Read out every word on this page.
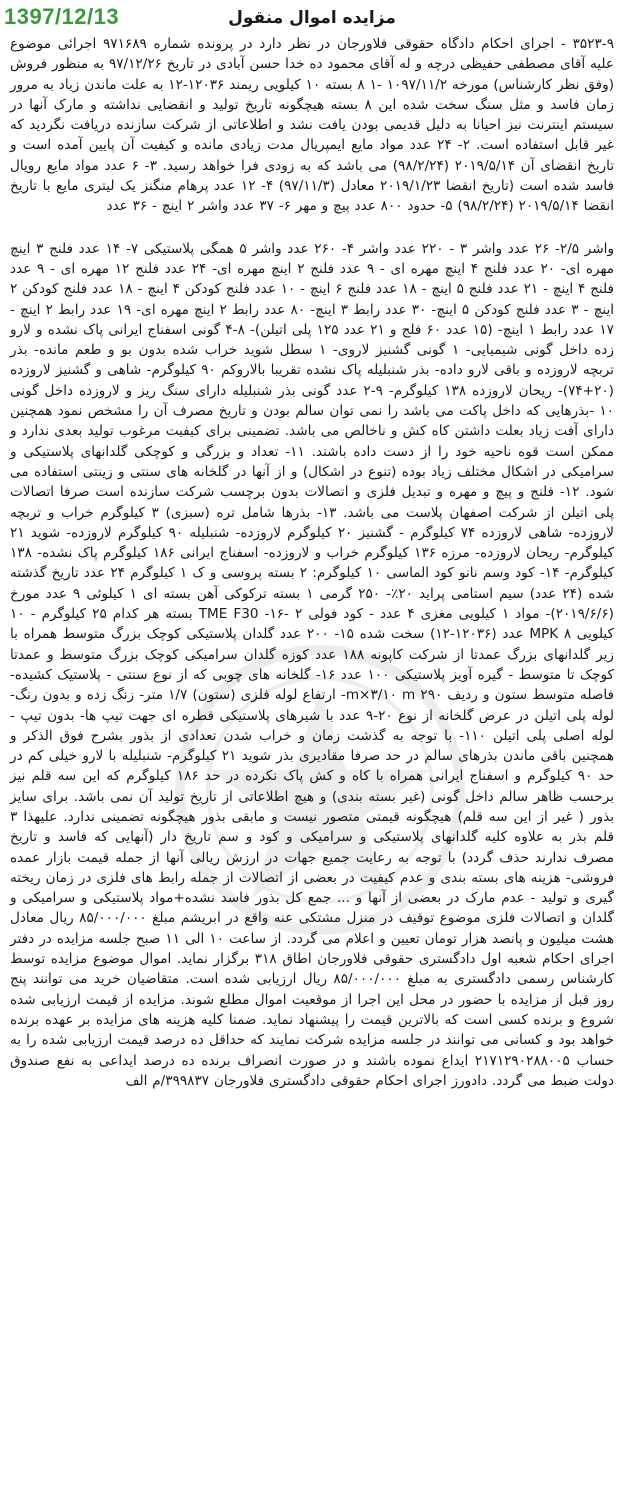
1397/12/13	مزایده اموال منقول

۳۵۲۳-۹ - اجرای احکام دادگاه حقوقی فلاورجان در نظر دارد در پرونده شماره ۹۷۱۶۸۹ اجرائی موضوع علیه آقای مصطفی حفیظی درچه و له آقای محمود ده خدا حسن آبادی در تاریخ ۹۷/۱۲/۲۶ به منظور فروش (وفق نظر کارشناس) مورخه ۱۰۹۷/۱۱/۲ -۱ ۸ بسته ۱۰ کیلویی ریمند ۱۲۰۳۶-۱۲ به علت ماندن زیاد به مرور زمان فاسد و مثل سنگ سخت شده این ۸ بسته هیچگونه تاریخ تولید و انقضایی نداشته و مارک آنها در سیستم اینترنت نیز احیانا به دلیل قدیمی بودن یافت نشد و اطلاعاتی از شرکت سازنده دریافت نگردید که غیر قابل استفاده است. ۲- ۲۴ عدد مواد مایع ایمپریال مدت زیادی مانده و کیفیت آن پایین آمده است و تاریخ انقضای آن ۲۰۱۹/۵/۱۴ (۹۸/۲/۲۴) می باشد که به زودی فرا خواهد رسید. ۳- ۶ عدد مواد مایع رویال فاسد شده است (تاریخ انقضا ۲۰۱۹/۱/۲۳ معادل (۹۷/۱۱/۳) ۴- ۱۲ عدد پرهام منگنز یک لیتری مایع با تاریخ انقضا ۲۰۱۹/۵/۱۴ (۹۸/۲/۲۴) ۵- حدود ۸۰۰ عدد پیچ و مهر ۶- ۳۷ عدد واشر ۲ اینچ - ۳۶ عدد

واشر ۲/۵- ۲۶ عدد واشر ۳ - ۲۲۰ عدد واشر ۴- ۲۶۰ عدد واشر ۵ همگی پلاستیکی ۷- ۱۴ عدد فلنج ۳ اینچ مهره ای- ۲۰ عدد فلنج ۴ اینچ مهره ای - ۹ عدد فلنج ۲ اینچ مهره ای- ۲۴ عدد فلنج ۱۲ مهره ای - ۹ عدد فلنج ۴ اینچ - ۲۱ عدد فلنج ۵ اینچ - ۱۸ عدد فلنج ۶ اینچ - ۱۰ عدد فلنج کودکن ۴ اینچ - ۱۸ عدد فلنج کودکن ۲ اینچ - ۳ عدد فلنج کودکن ۵ اینچ- ۳۰ عدد رابط ۳ اینچ- ۸۰ عدد رابط ۲ اینچ مهره ای- ۱۹ عدد رابط ۲ اینچ - ۱۷ عدد رابط ۱ اینچ- (۱۵ عدد ۶۰ فلج و ۲۱ عدد ۱۲۵ پلی اتیلن)- ۸-۴ گونی اسفناج ایرانی پاک نشده و لارو زده داخل گونی شیمیایی- ۱ گونی گشنیز لاروی- ۱ سطل شوید خراب شده بدون بو و طعم مانده- بذر تربچه لاروزده و باقی لارو داده- بذر شنبلیله پاک نشده تقریبا بالاروکم ۹۰ کیلوگرم- شاهی و گشنیز لاروزده (۲۰+۷۴)- ریحان لاروزده ۱۳۸ کیلوگرم- ۹-۲ عدد گونی بذر شنبلیله دارای سنگ ریز و لاروزده داخل گونی ۱۰ -بذرهایی که داخل پاکت می باشد را نمی توان سالم بودن و تاریخ مصرف آن را مشخص نمود همچنین دارای آفت زیاد بعلت داشتن کاه کش و ناخالص می باشد. تضمینی برای کیفیت مرغوب تولید بعدی ندارد و ممکن است قوه ناحیه خود را از دست داده باشند. ۱۱- تعداد و بزرگی و کوچکی گلدانهای پلاستیکی و سرامیکی در اشکال مختلف زیاد بوده (تنوع در اشکال) و از آنها در گلخانه های سنتی و زینتی استفاده می شود. ۱۲- فلنج و پیچ و مهره و تبدیل فلزی و اتصالات بدون برچسب شرکت سازنده است صرفا اتصالات پلی اتیلن از شرکت اصفهان پلاست می باشد. ۱۳- بذرها شامل تره (سبزی) ۳ کیلوگرم خراب و تربچه لاروزده- شاهی لاروزده ۷۴ کیلوگرم - گشنیز ۲۰ کیلوگرم لاروزده- شنبلیله ۹۰ کیلوگرم لاروزده- شوید ۲۱ کیلوگرم- ریحان لاروزده- مرزه ۱۳۶ کیلوگرم خراب و لاروزده- اسفناج ایرانی ۱۸۶ کیلوگرم پاک نشده- ۱۳۸ کیلوگرم- ۱۴- کود وسم نانو کود الماسی ۱۰ کیلوگرم: ۲ بسته پروسی و ک ۱ کیلوگرم ۲۴ عدد تاریخ گذشته شده (۲۴ عدد) سیم استامی پراید ۲۰٪- ۲۵۰ گرمی ۱ بسته ترکوکی آهن بسته ای ۱ کیلوئی ۹ عدد مورخ (۲۰۱۹/۶/۶)- مواد ۱ کیلویی مغزی ۴ عدد - کود فولی TME F30 -۱۶- ۲ بسته هر کدام ۲۵ کیلوگرم - ۱۰ کیلویی MPK ۸ عدد (۱۲۰۳۶-۱۲) سخت شده ۱۵- ۲۰۰ عدد گلدان پلاستیکی کوچک بزرگ متوسط همراه با زیر گلدانهای بزرگ عمدتا از شرکت کاپونه ۱۸۸ عدد کوزه گلدان سرامیکی کوچک بزرگ متوسط و عمدتا کوچک تا متوسط - گیره آویز پلاستیکی ۱۰۰ عدد ۱۶- گلخانه های چوبی که از نوع سنتی - پلاستیک کشیده- فاصله متوسط ستون و ردیف ۲۹۰ m×۳/۱۰ m- ارتفاع لوله فلزی (ستون) ۱/۷ متر- زنگ زده و بدون رنگ- لوله پلی اتیلن در عرض گلخانه از نوع ۲۰-۹ عدد با شیرهای پلاستیکی قطره ای جهت تیپ ها- بدون تیپ - لوله اصلی پلی اتیلن ۱۱۰- با توجه به گذشت زمان و خراب شدن تعدادی از بذور بشرح فوق الذکر و همچنین باقی ماندن بذرهای سالم در حد صرفا مقادیری بذر شوید ۲۱ کیلوگرم- شنبلیله با لارو خیلی کم در حد ۹۰ کیلوگرم و اسفناج ایرانی همراه با کاه و کش پاک نکرده در حد ۱۸۶ کیلوگرم که این سه قلم نیز برحسب ظاهر سالم داخل گونی (غیر بسته بندی) و هیچ اطلاعاتی از تاریخ تولید آن نمی باشد. برای سایز بذور ( غیر از این سه قلم) هیچگونه قیمتی متصور نیست و مابقی بذور هیچگونه تضمینی ندارد. علیهذا ۳ قلم بذر به علاوه کلیه گلدانهای پلاستیکی و سرامیکی و کود و سم تاریخ دار (آنهایی که فاسد و تاریخ مصرف ندارند حذف گردد) با توجه به رعایت جمیع جهات در ارزش ریالی آنها از جمله قیمت بازار عمده فروشی- هزینه های بسته بندی و عدم کیفیت در بعضی از اتصالات از جمله رابط های فلزی در زمان ریخته گیری و تولید - عدم مارک در بعضی از آنها و ... جمع کل بذور فاسد نشده+مواد پلاستیکی و سرامیکی و گلدان و اتصالات فلزی موضوع توقیف در منزل مشتکی عنه واقع در ابریشم مبلغ ۸۵/۰۰۰/۰۰۰ ریال معادل هشت میلیون و پانصد هزار تومان تعیین و اعلام می گردد. از ساعت ۱۰ الی ۱۱ صبح جلسه مزایده در دفتر اجرای احکام شعبه اول دادگستری حقوقی فلاورجان اطاق ۳۱۸ برگزار نماید. اموال موضوع مزایده توسط کارشناس رسمی دادگستری به مبلغ ۸۵/۰۰۰/۰۰۰ ریال ارزیابی شده است. متقاضیان خرید می توانند پنج روز قبل از مزایده با حضور در محل این اجرا از موقعیت اموال مطلع شوند. مزایده از قیمت ارزیابی شده شروع و برنده کسی است که بالاترین قیمت را پیشنهاد نماید. ضمنا کلیه هزینه های مزایده بر عهده برنده خواهد بود و کسانی می توانند در جلسه مزایده شرکت نمایند که حداقل ده درصد قیمت ارزیابی شده را به حساب ۲۱۷۱۲۹۰۲۸۸۰۰۵ ایداع نموده باشند و در صورت انصراف برنده ده درصد ایداعی به نفع صندوق دولت ضبط می گردد. دادورز اجرای احکام حقوقی دادگستری فلاورجان ۳۹۹۸۳۷/م الف
